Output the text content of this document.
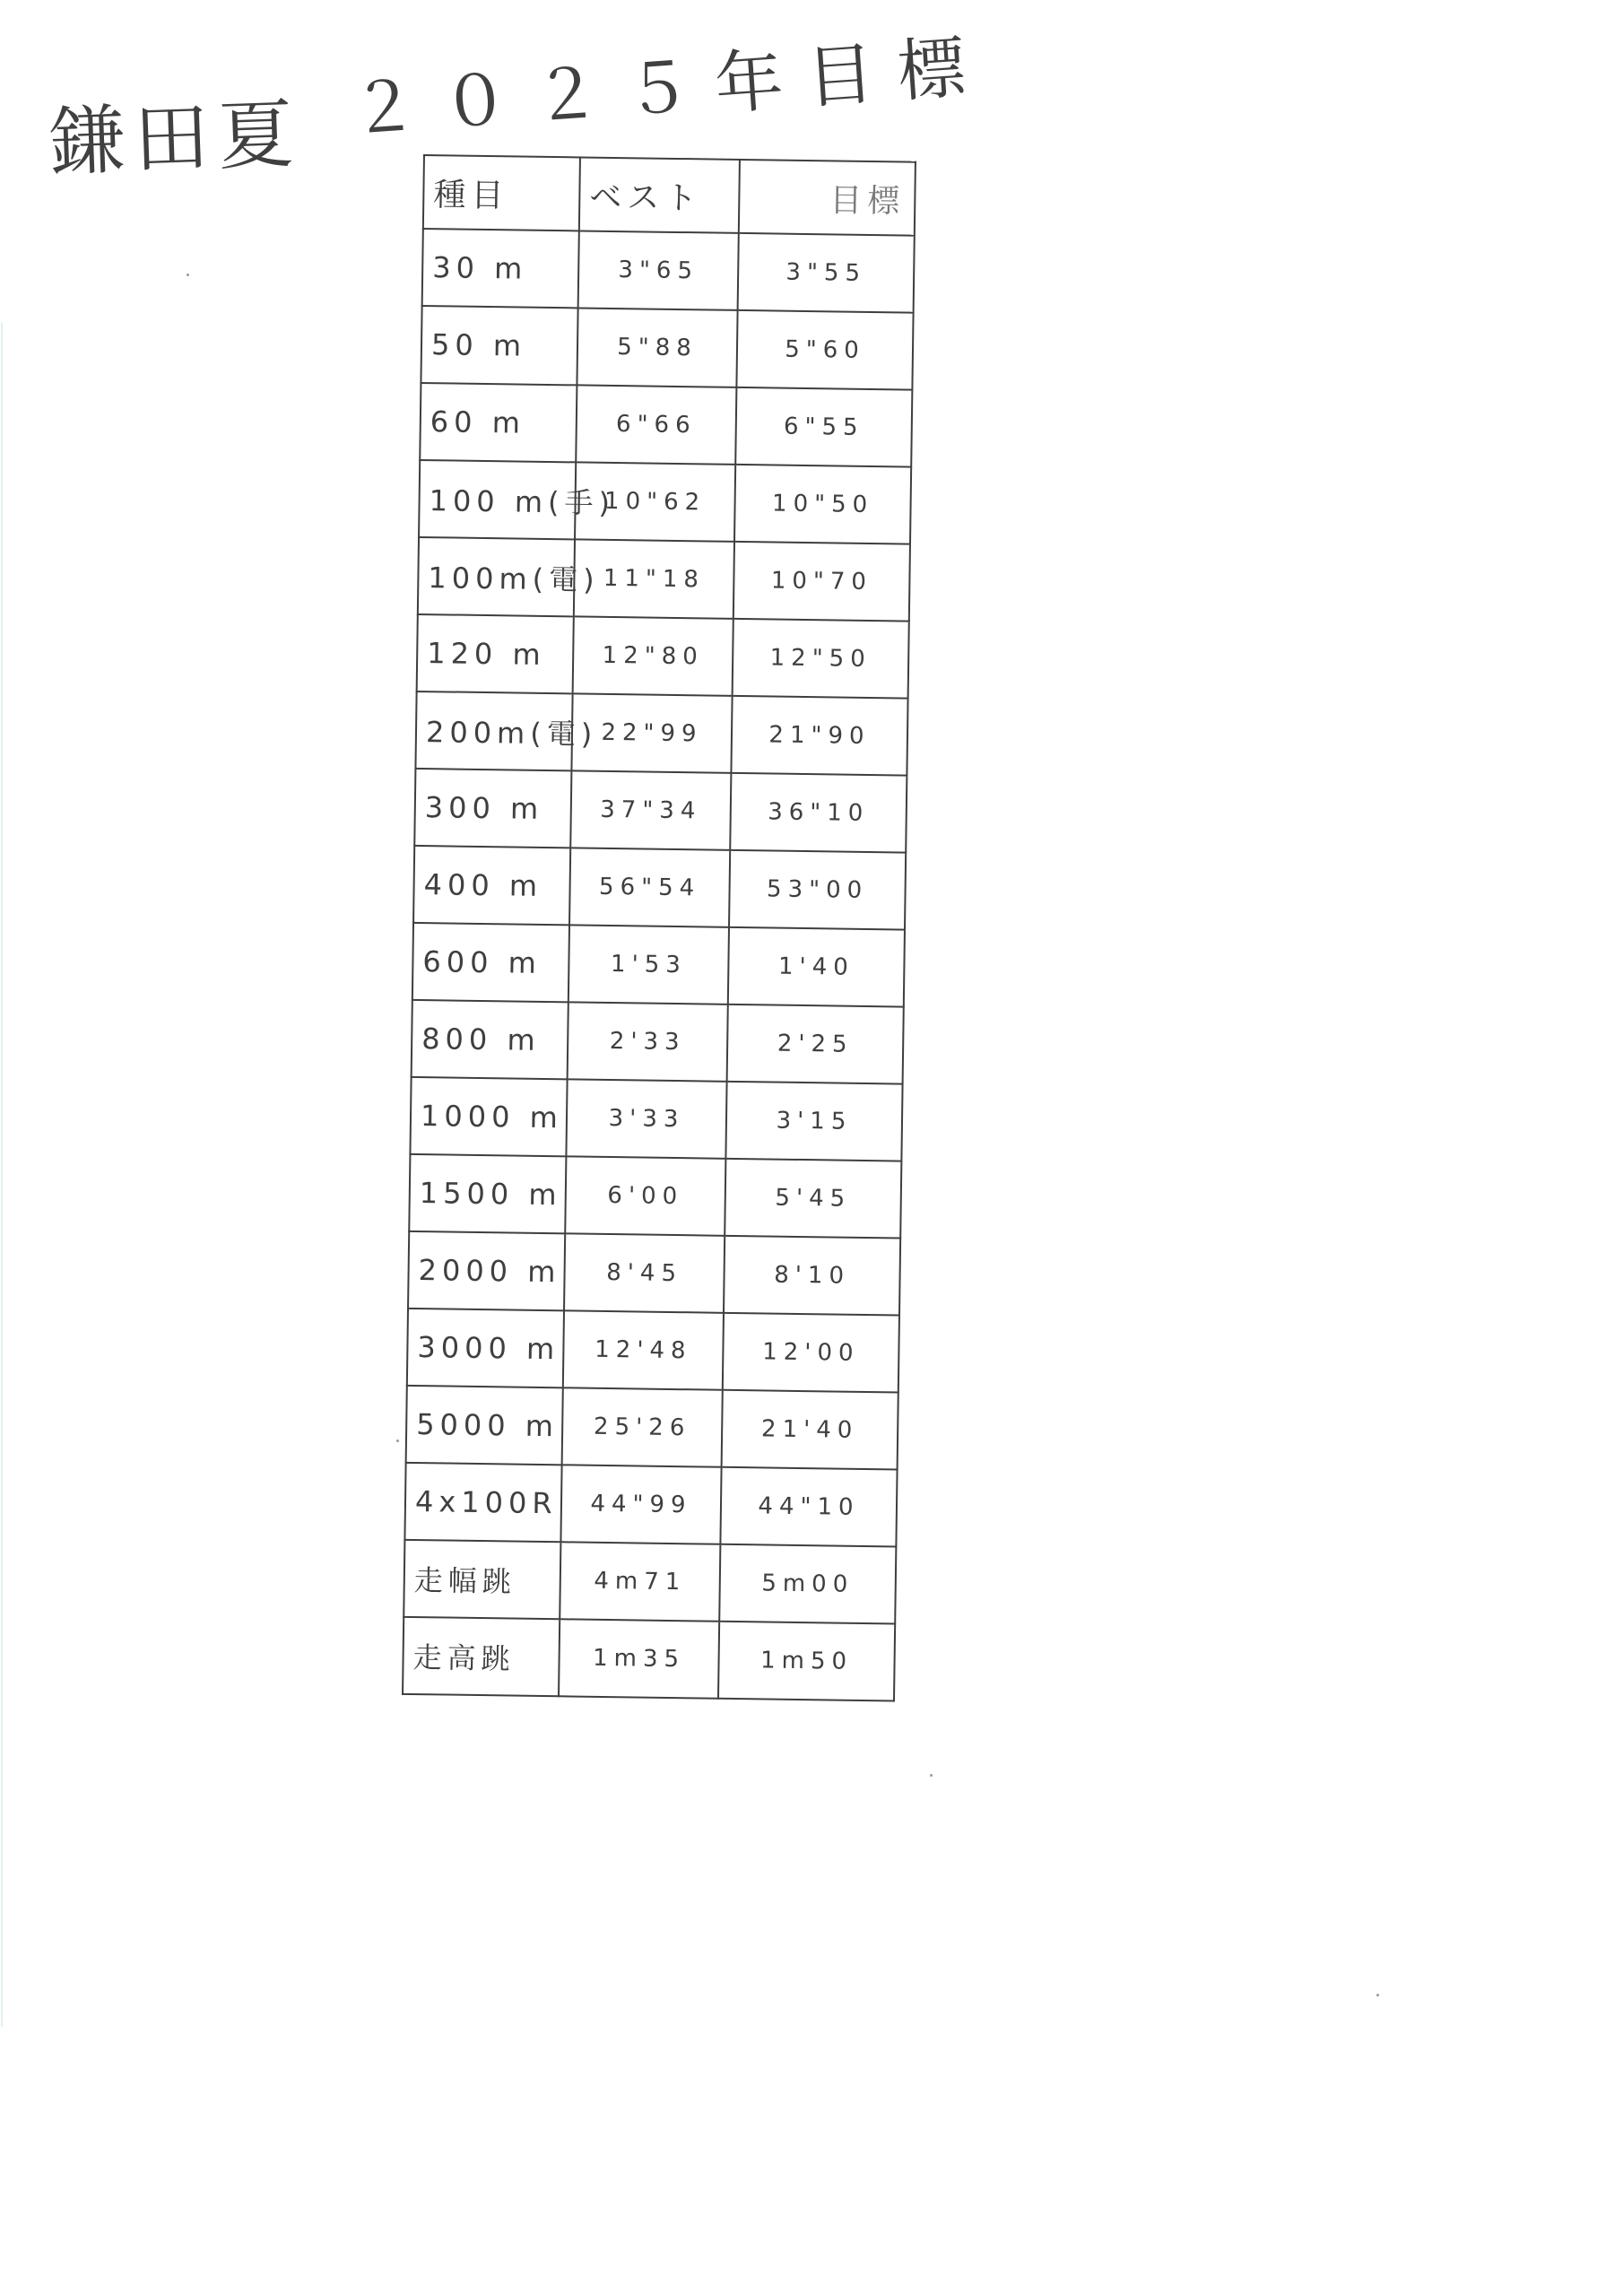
鎌田夏 ２０２５年目標
種目	ベスト	目標
30 m	3"65	3"55
50 m	5"88	5"60
60 m	6"66	6"55
100 m(手)	10"62	10"50
100m(電)	11"18	10"70
120 m	12"80	12"50
200m(電)	22"99	21"90
300 m	37"34	36"10
400 m	56"54	53"00
600 m	1'53	1'40
800 m	2'33	2'25
1000 m	3'33	3'15
1500 m	6'00	5'45
2000 m	8'45	8'10
3000 m	12'48	12'00
5000 m	25'26	21'40
4x100R	44"99	44"10
走幅跳	4m71	5m00
走高跳	1m35	1m50
